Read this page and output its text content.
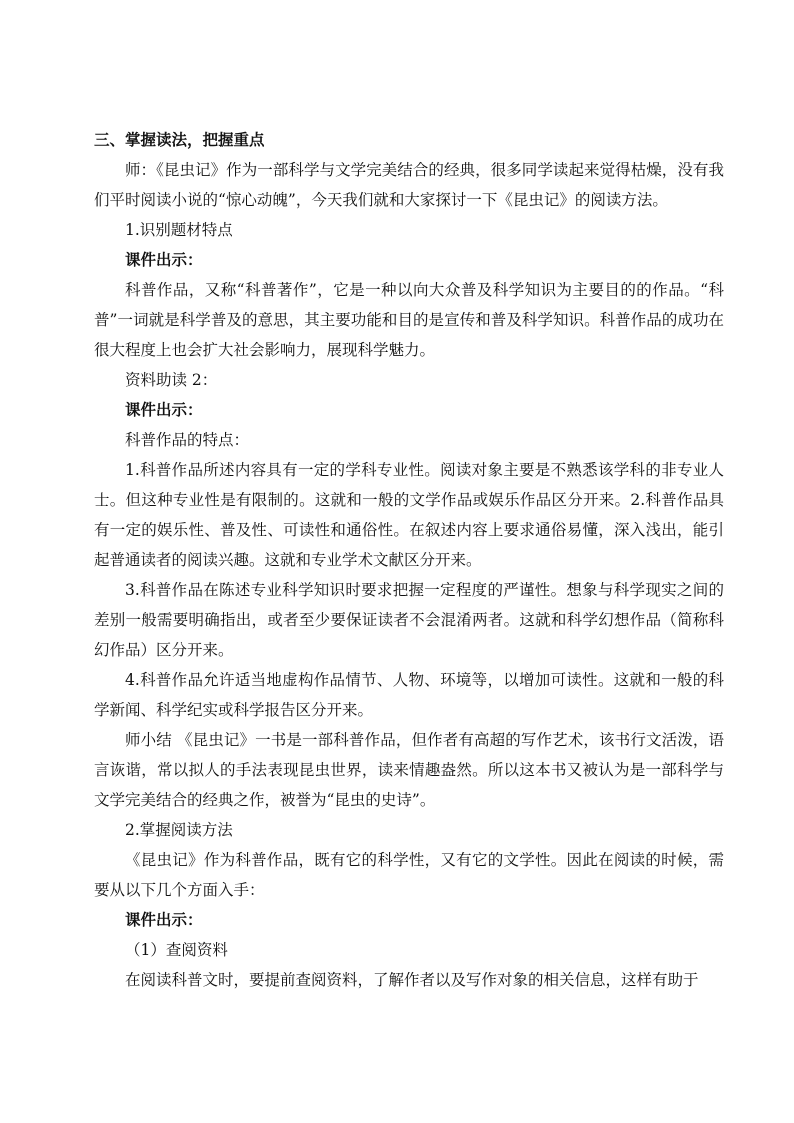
三、掌握读法，把握重点

师：《昆虫记》作为一部科学与文学完美结合的经典，很多同学读起来觉得枯燥，没有我们平时阅读小说的“惊心动魄”，今天我们就和大家探讨一下《昆虫记》的阅读方法。

1.识别题材特点

课件出示：

科普作品，又称“科普著作”，它是一种以向大众普及科学知识为主要目的的作品。“科普”一词就是科学普及的意思，其主要功能和目的是宣传和普及科学知识。科普作品的成功在很大程度上也会扩大社会影响力，展现科学魅力。

资料助读 2：

课件出示：

科普作品的特点：

1.科普作品所述内容具有一定的学科专业性。阅读对象主要是不熟悉该学科的非专业人士。但这种专业性是有限制的。这就和一般的文学作品或娱乐作品区分开来。2.科普作品具有一定的娱乐性、普及性、可读性和通俗性。在叙述内容上要求通俗易懂，深入浅出，能引起普通读者的阅读兴趣。这就和专业学术文献区分开来。

3.科普作品在陈述专业科学知识时要求把握一定程度的严谨性。想象与科学现实之间的差别一般需要明确指出，或者至少要保证读者不会混淆两者。这就和科学幻想作品（简称科幻作品）区分开来。

4.科普作品允许适当地虚构作品情节、人物、环境等，以增加可读性。这就和一般的科学新闻、科学纪实或科学报告区分开来。

师小结 《昆虫记》一书是一部科普作品，但作者有高超的写作艺术，该书行文活泼，语言诙谐，常以拟人的手法表现昆虫世界，读来情趣盎然。所以这本书又被认为是一部科学与文学完美结合的经典之作，被誉为“昆虫的史诗”。

2.掌握阅读方法

《昆虫记》作为科普作品，既有它的科学性，又有它的文学性。因此在阅读的时候，需要从以下几个方面入手：

课件出示：

（1）查阅资料

在阅读科普文时，要提前查阅资料，了解作者以及写作对象的相关信息，这样有助于
